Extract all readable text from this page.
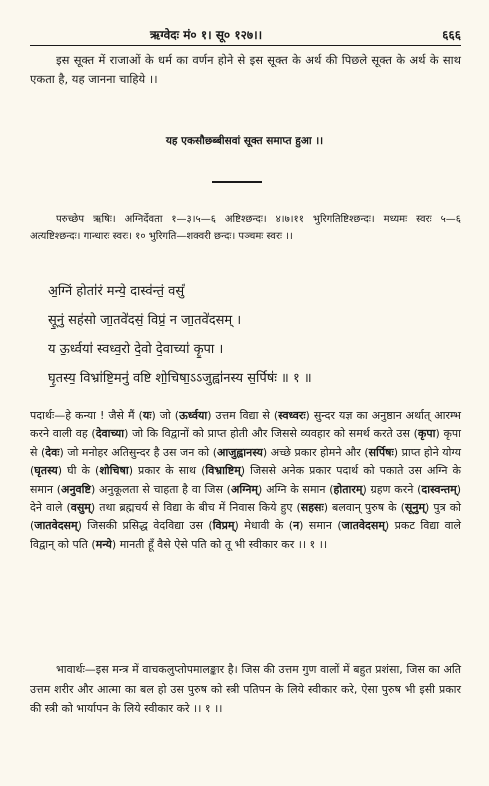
ऋग्वेदः मं० १। सू० १२७।।	६६६

इस सूक्त में राजाओं के धर्म का वर्णन होने से इस सूक्त के अर्थ की पिछले सूक्त के अर्थ के साथ एकता है, यह जानना चाहिये ।।

यह एकसौछब्बीसवां सूक्त समाप्त हुआ ।।

परुच्छेप ऋषिः। अग्निर्देवता १—३।५—६ अष्टिश्छन्दः। ४।७।११ भुरिगतिष्टिश्छन्दः। मध्यमः स्वरः ५—६ अत्यष्टिश्छन्दः। गान्धारः स्वरः। १० भुरिगति—शक्वरी छन्दः। पञ्चमः स्वरः ।।

अ॒ग्निं होता॑रं मन्ये॒ दास्व॑न्तं॒ वसुं॑
सू॒नुं सह॑सो जा॒तवे॑दसं॒ विप्रं॒ न जा॒तवे॑दसम् ।
य ऊ॒र्ध्वया॑ स्वध्व॒रो दे॒वो दे॒वाच्या॑ कृ॒पा ।
घृ॒तस्य॒ विभ्रा॑ष्टि॒मनु॑ वष्टि शो॒चिषा॒ऽऽजुह्वा॑नस्य स॒र्पिषः॑ ॥ १ ॥

पदार्थः—हे कन्या ! जैसे मैं (यः) जो (ऊर्ध्वया) उत्तम विद्या से (स्वध्वरः) सुन्दर यज्ञ का अनुष्ठान अर्थात् आरम्भ करने वाली वह (देवाच्या) जो कि विद्वानों को प्राप्त होती और जिससे व्यवहार को समर्थ करते उस (कृपा) कृपा से (देवः) जो मनोहर अतिसुन्दर है उस जन को (आजुह्वानस्य) अच्छे प्रकार होमने और (सर्पिषः) प्राप्त होने योग्य (घृतस्य) घी के (शोचिषा) प्रकार के साथ (विभ्राष्टिम्) जिससे अनेक प्रकार पदार्थ को पकाते उस अग्नि के समान (अनुवष्टि) अनुकूलता से चाहता है वा जिस (अग्निम्) अग्नि के समान (होतारम्) ग्रहण करने (दास्वन्तम्) देने वाले (वसुम्) तथा ब्रह्मचर्य से विद्या के बीच में निवास किये हुए (सहसः) बलवान् पुरुष के (सूनुम्) पुत्र को (जातवेदसम्) जिसकी प्रसिद्ध वेदविद्या उस (विप्रम्) मेधावी के (न) समान (जातवेदसम्) प्रकट विद्या वाले विद्वान् को पति (मन्ये) मानती हूँ वैसे ऐसे पति को तू भी स्वीकार कर ।। १ ।।

भावार्थः—इस मन्त्र में वाचकलुप्तोपमालङ्कार है। जिस की उत्तम गुण वालों में बहुत प्रशंसा, जिस का अति उत्तम शरीर और आत्मा का बल हो उस पुरुष को स्त्री पतिपन के लिये स्वीकार करे, ऐसा पुरुष भी इसी प्रकार की स्त्री को भार्यापन के लिये स्वीकार करे ।। १ ।।
